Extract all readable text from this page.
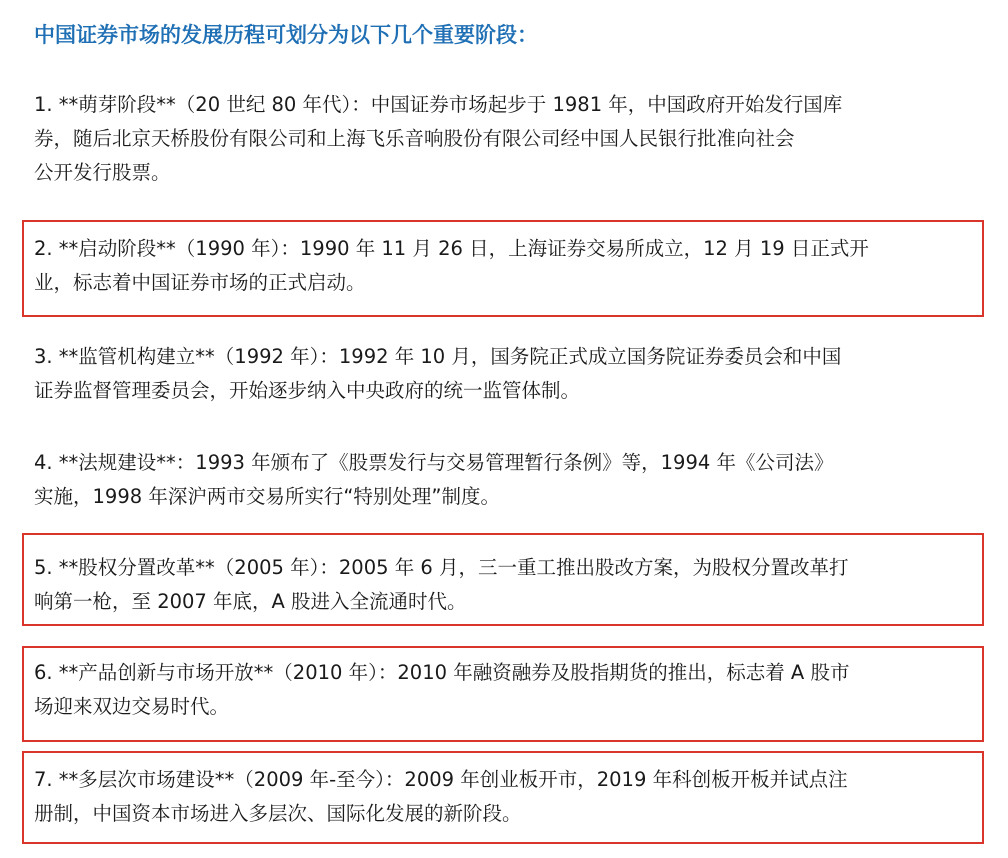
中国证券市场的发展历程可划分为以下几个重要阶段：
1. **萌芽阶段**（20 世纪 80 年代）：中国证券市场起步于 1981 年，中国政府开始发行国库
券，随后北京天桥股份有限公司和上海飞乐音响股份有限公司经中国人民银行批准向社会
公开发行股票。
2. **启动阶段**（1990 年）：1990 年 11 月 26 日，上海证券交易所成立，12 月 19 日正式开
业，标志着中国证券市场的正式启动。
3. **监管机构建立**（1992 年）：1992 年 10 月，国务院正式成立国务院证券委员会和中国
证券监督管理委员会，开始逐步纳入中央政府的统一监管体制。
4. **法规建设**：1993 年颁布了《股票发行与交易管理暂行条例》等，1994 年《公司法》
实施，1998 年深沪两市交易所实行“特别处理”制度。
5. **股权分置改革**（2005 年）：2005 年 6 月，三一重工推出股改方案，为股权分置改革打
响第一枪，至 2007 年底，A 股进入全流通时代。
6. **产品创新与市场开放**（2010 年）：2010 年融资融券及股指期货的推出，标志着 A 股市
场迎来双边交易时代。
7. **多层次市场建设**（2009 年-至今）：2009 年创业板开市，2019 年科创板开板并试点注
册制，中国资本市场进入多层次、国际化发展的新阶段。
